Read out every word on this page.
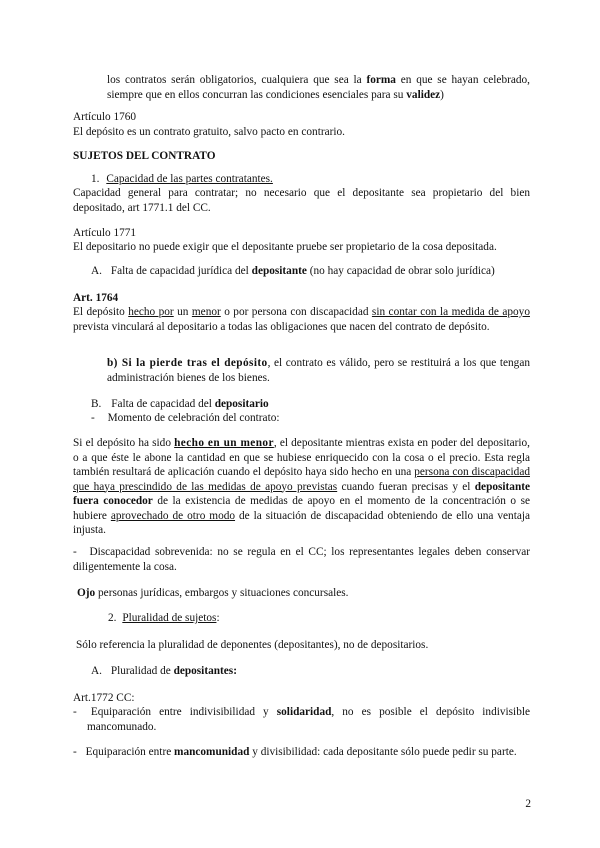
los contratos serán obligatorios, cualquiera que sea la forma en que se hayan celebrado, siempre que en ellos concurran las condiciones esenciales para su validez)

Artículo 1760

El depósito es un contrato gratuito, salvo pacto en contrario.

SUJETOS DEL CONTRATO

1. Capacidad de las partes contratantes.

Capacidad general para contratar; no necesario que el depositante sea propietario del bien depositado, art 1771.1 del CC.

Artículo 1771

El depositario no puede exigir que el depositante pruebe ser propietario de la cosa depositada.

A. Falta de capacidad jurídica del depositante (no hay capacidad de obrar solo jurídica)

Art. 1764

El depósito hecho por un menor o por persona con discapacidad sin contar con la medida de apoyo prevista vinculará al depositario a todas las obligaciones que nacen del contrato de depósito.

b) Si la pierde tras el depósito, el contrato es válido, pero se restituirá a los que tengan administración bienes de los bienes.

B. Falta de capacidad del depositario

- Momento de celebración del contrato:

Si el depósito ha sido hecho en un menor, el depositante mientras exista en poder del depositario, o a que éste le abone la cantidad en que se hubiese enriquecido con la cosa o el precio. Esta regla también resultará de aplicación cuando el depósito haya sido hecho en una persona con discapacidad que haya prescindido de las medidas de apoyo previstas cuando fueran precisas y el depositante fuera conocedor de la existencia de medidas de apoyo en el momento de la concentración o se hubiere aprovechado de otro modo de la situación de discapacidad obteniendo de ello una ventaja injusta.

- Discapacidad sobrevenida: no se regula en el CC; los representantes legales deben conservar diligentemente la cosa.

Ojo personas jurídicas, embargos y situaciones concursales.

2. Pluralidad de sujetos:

Sólo referencia la pluralidad de deponentes (depositantes), no de depositarios.

A. Pluralidad de depositantes:

Art.1772 CC:

- Equiparación entre indivisibilidad y solidaridad, no es posible el depósito indivisible mancomunado.

- Equiparación entre mancomunidad y divisibilidad: cada depositante sólo puede pedir su parte.

2
